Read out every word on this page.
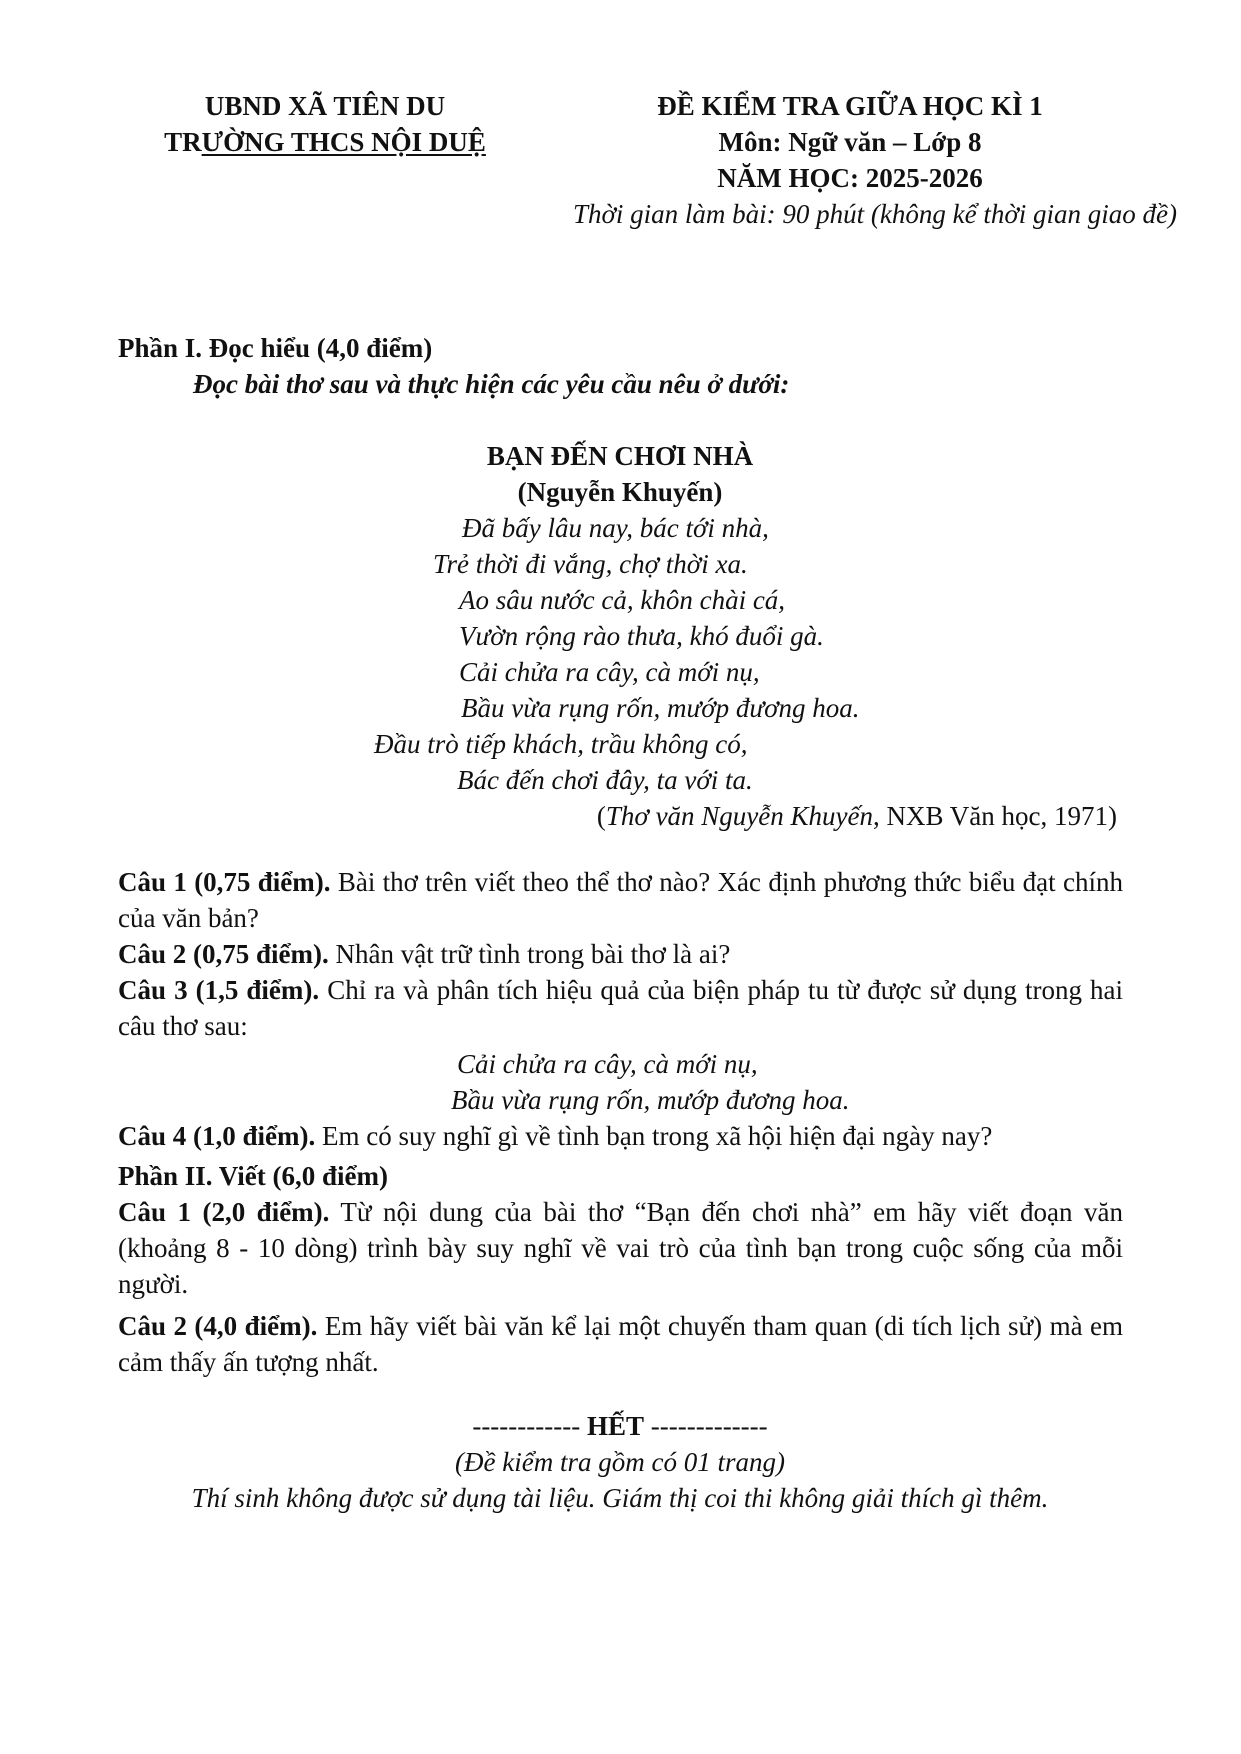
UBND XÃ TIÊN DU
TRƯỜNG THCS NỘI DUỆ
ĐỀ KIỂM TRA GIỮA HỌC KÌ 1
Môn: Ngữ văn – Lớp 8
NĂM HỌC: 2025-2026
Thời gian làm bài: 90 phút (không kể thời gian giao đề)
Phần I. Đọc hiểu (4,0 điểm)
Đọc bài thơ sau và thực hiện các yêu cầu nêu ở dưới:
BẠN ĐẾN CHƠI NHÀ
(Nguyễn Khuyến)
Đã bấy lâu nay, bác tới nhà,
Trẻ thời đi vắng, chợ thời xa.
Ao sâu nước cả, khôn chài cá,
Vườn rộng rào thưa, khó đuổi gà.
Cải chửa ra cây, cà mới nụ,
Bầu vừa rụng rốn, mướp đương hoa.
Đầu trò tiếp khách, trầu không có,
Bác đến chơi đây, ta với ta.
(Thơ văn Nguyễn Khuyến, NXB Văn học, 1971)
Câu 1 (0,75 điểm). Bài thơ trên viết theo thể thơ nào? Xác định phương thức biểu đạt chính của văn bản?
Câu 2 (0,75 điểm). Nhân vật trữ tình trong bài thơ là ai?
Câu 3 (1,5 điểm). Chỉ ra và phân tích hiệu quả của biện pháp tu từ được sử dụng trong hai câu thơ sau:
Cải chửa ra cây, cà mới nụ,
Bầu vừa rụng rốn, mướp đương hoa.
Câu 4 (1,0 điểm). Em có suy nghĩ gì về tình bạn trong xã hội hiện đại ngày nay?
Phần II. Viết (6,0 điểm)
Câu 1 (2,0 điểm). Từ nội dung của bài thơ “Bạn đến chơi nhà” em hãy viết đoạn văn (khoảng 8 - 10 dòng) trình bày suy nghĩ về vai trò của tình bạn trong cuộc sống của mỗi người.
Câu 2 (4,0 điểm). Em hãy viết bài văn kể lại một chuyến tham quan (di tích lịch sử) mà em cảm thấy ấn tượng nhất.
------------ HẾT -------------
(Đề kiểm tra gồm có 01 trang)
Thí sinh không được sử dụng tài liệu. Giám thị coi thi không giải thích gì thêm.
